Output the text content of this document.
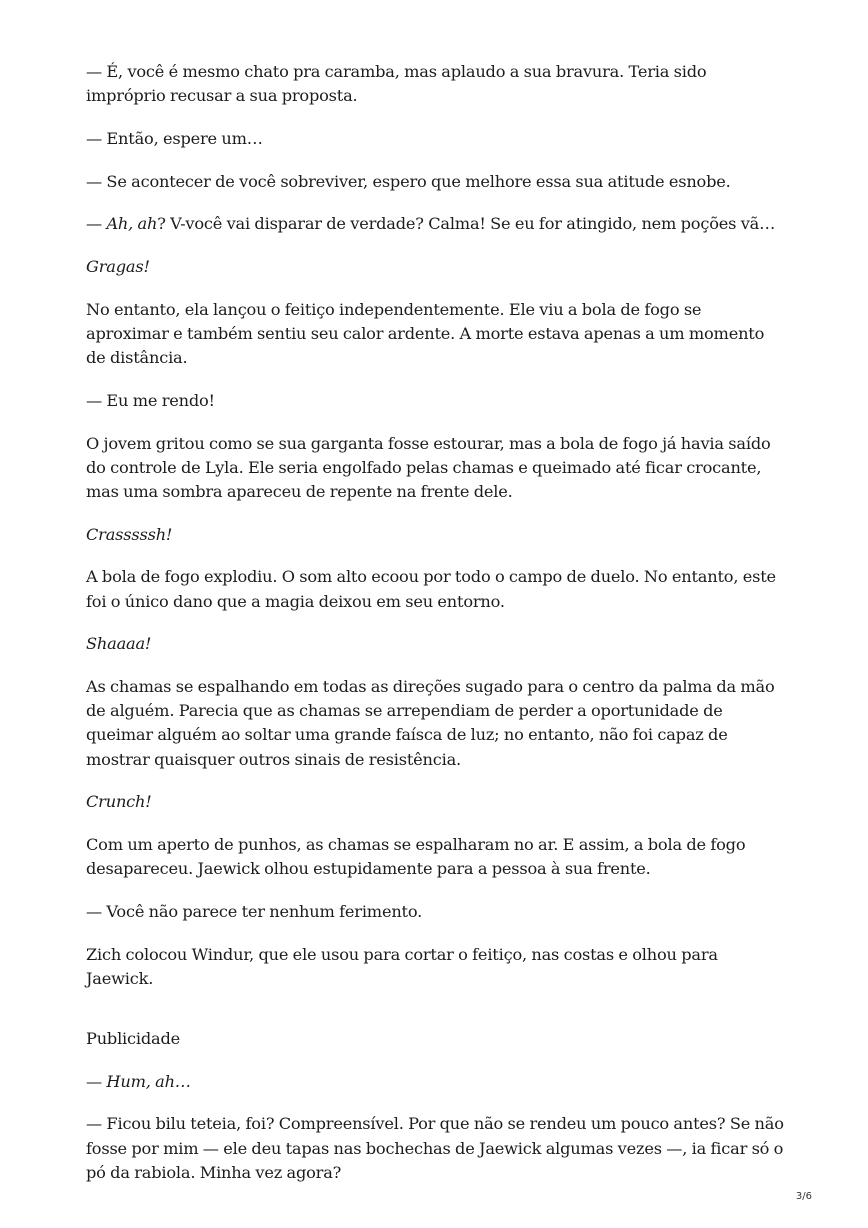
— É, você é mesmo chato pra caramba, mas aplaudo a sua bravura. Teria sido impróprio recusar a sua proposta.

— Então, espere um…

— Se acontecer de você sobreviver, espero que melhore essa sua atitude esnobe.

— Ah, ah? V-você vai disparar de verdade? Calma! Se eu for atingido, nem poções vã…

Gragas!

No entanto, ela lançou o feitiço independentemente. Ele viu a bola de fogo se aproximar e também sentiu seu calor ardente. A morte estava apenas a um momento de distância.

— Eu me rendo!

O jovem gritou como se sua garganta fosse estourar, mas a bola de fogo já havia saído do controle de Lyla. Ele seria engolfado pelas chamas e queimado até ficar crocante, mas uma sombra apareceu de repente na frente dele.

Crasssssh!

A bola de fogo explodiu. O som alto ecoou por todo o campo de duelo. No entanto, este foi o único dano que a magia deixou em seu entorno.

Shaaaa!

As chamas se espalhando em todas as direções sugado para o centro da palma da mão de alguém. Parecia que as chamas se arrependiam de perder a oportunidade de queimar alguém ao soltar uma grande faísca de luz; no entanto, não foi capaz de mostrar quaisquer outros sinais de resistência.

Crunch!

Com um aperto de punhos, as chamas se espalharam no ar. E assim, a bola de fogo desapareceu. Jaewick olhou estupidamente para a pessoa à sua frente.

— Você não parece ter nenhum ferimento.

Zich colocou Windur, que ele usou para cortar o feitiço, nas costas e olhou para Jaewick.

Publicidade

— Hum, ah…

— Ficou bilu teteia, foi? Compreensível. Por que não se rendeu um pouco antes? Se não fosse por mim — ele deu tapas nas bochechas de Jaewick algumas vezes —, ia ficar só o pó da rabiola. Minha vez agora?

3/6
